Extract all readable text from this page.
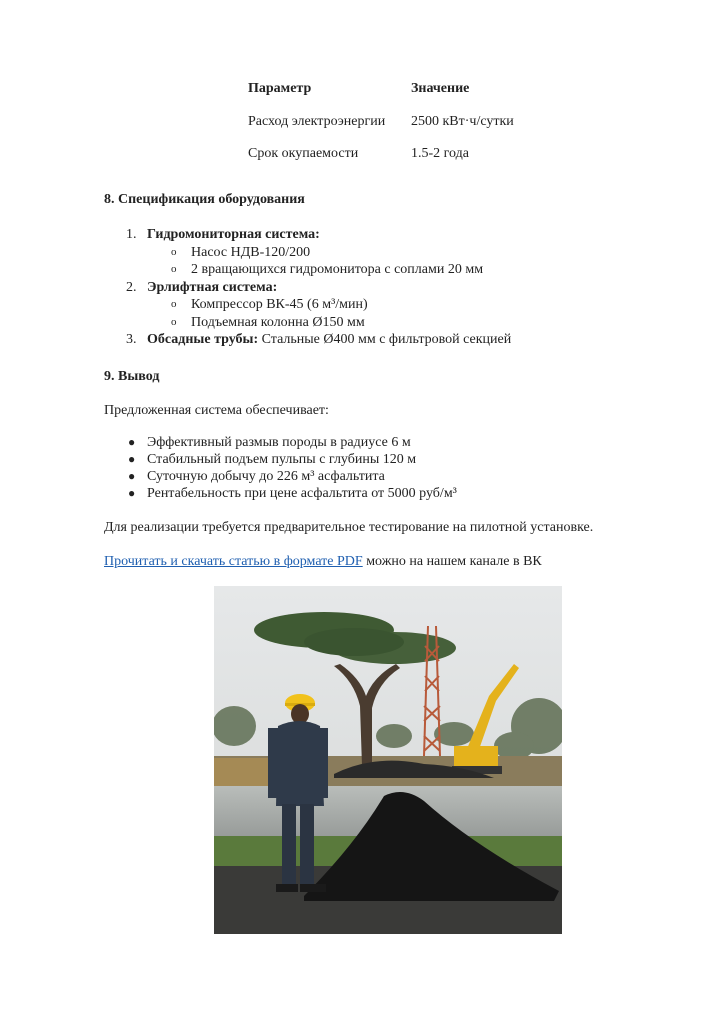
Параметр	Значение
Расход электроэнергии	2500 кВт·ч/сутки
Срок окупаемости	1.5-2 года
8. Спецификация оборудования
1. Гидромониторная система:
o Насос НДВ-120/200
o 2 вращающихся гидромонитора с соплами 20 мм
2. Эрлифтная система:
o Компрессор ВК-45 (6 м³/мин)
o Подъемная колонна Ø150 мм
3. Обсадные трубы: Стальные Ø400 мм с фильтровой секцией
9. Вывод

Предложенная система обеспечивает:

● Эффективный размыв породы в радиусе 6 м
● Стабильный подъем пульпы с глубины 120 м
● Суточную добычу до 226 м³ асфальтита
● Рентабельность при цене асфальтита от 5000 руб/м³

Для реализации требуется предварительное тестирование на пилотной установке.

Прочитать и скачать статью в формате PDF можно на нашем канале в ВК
